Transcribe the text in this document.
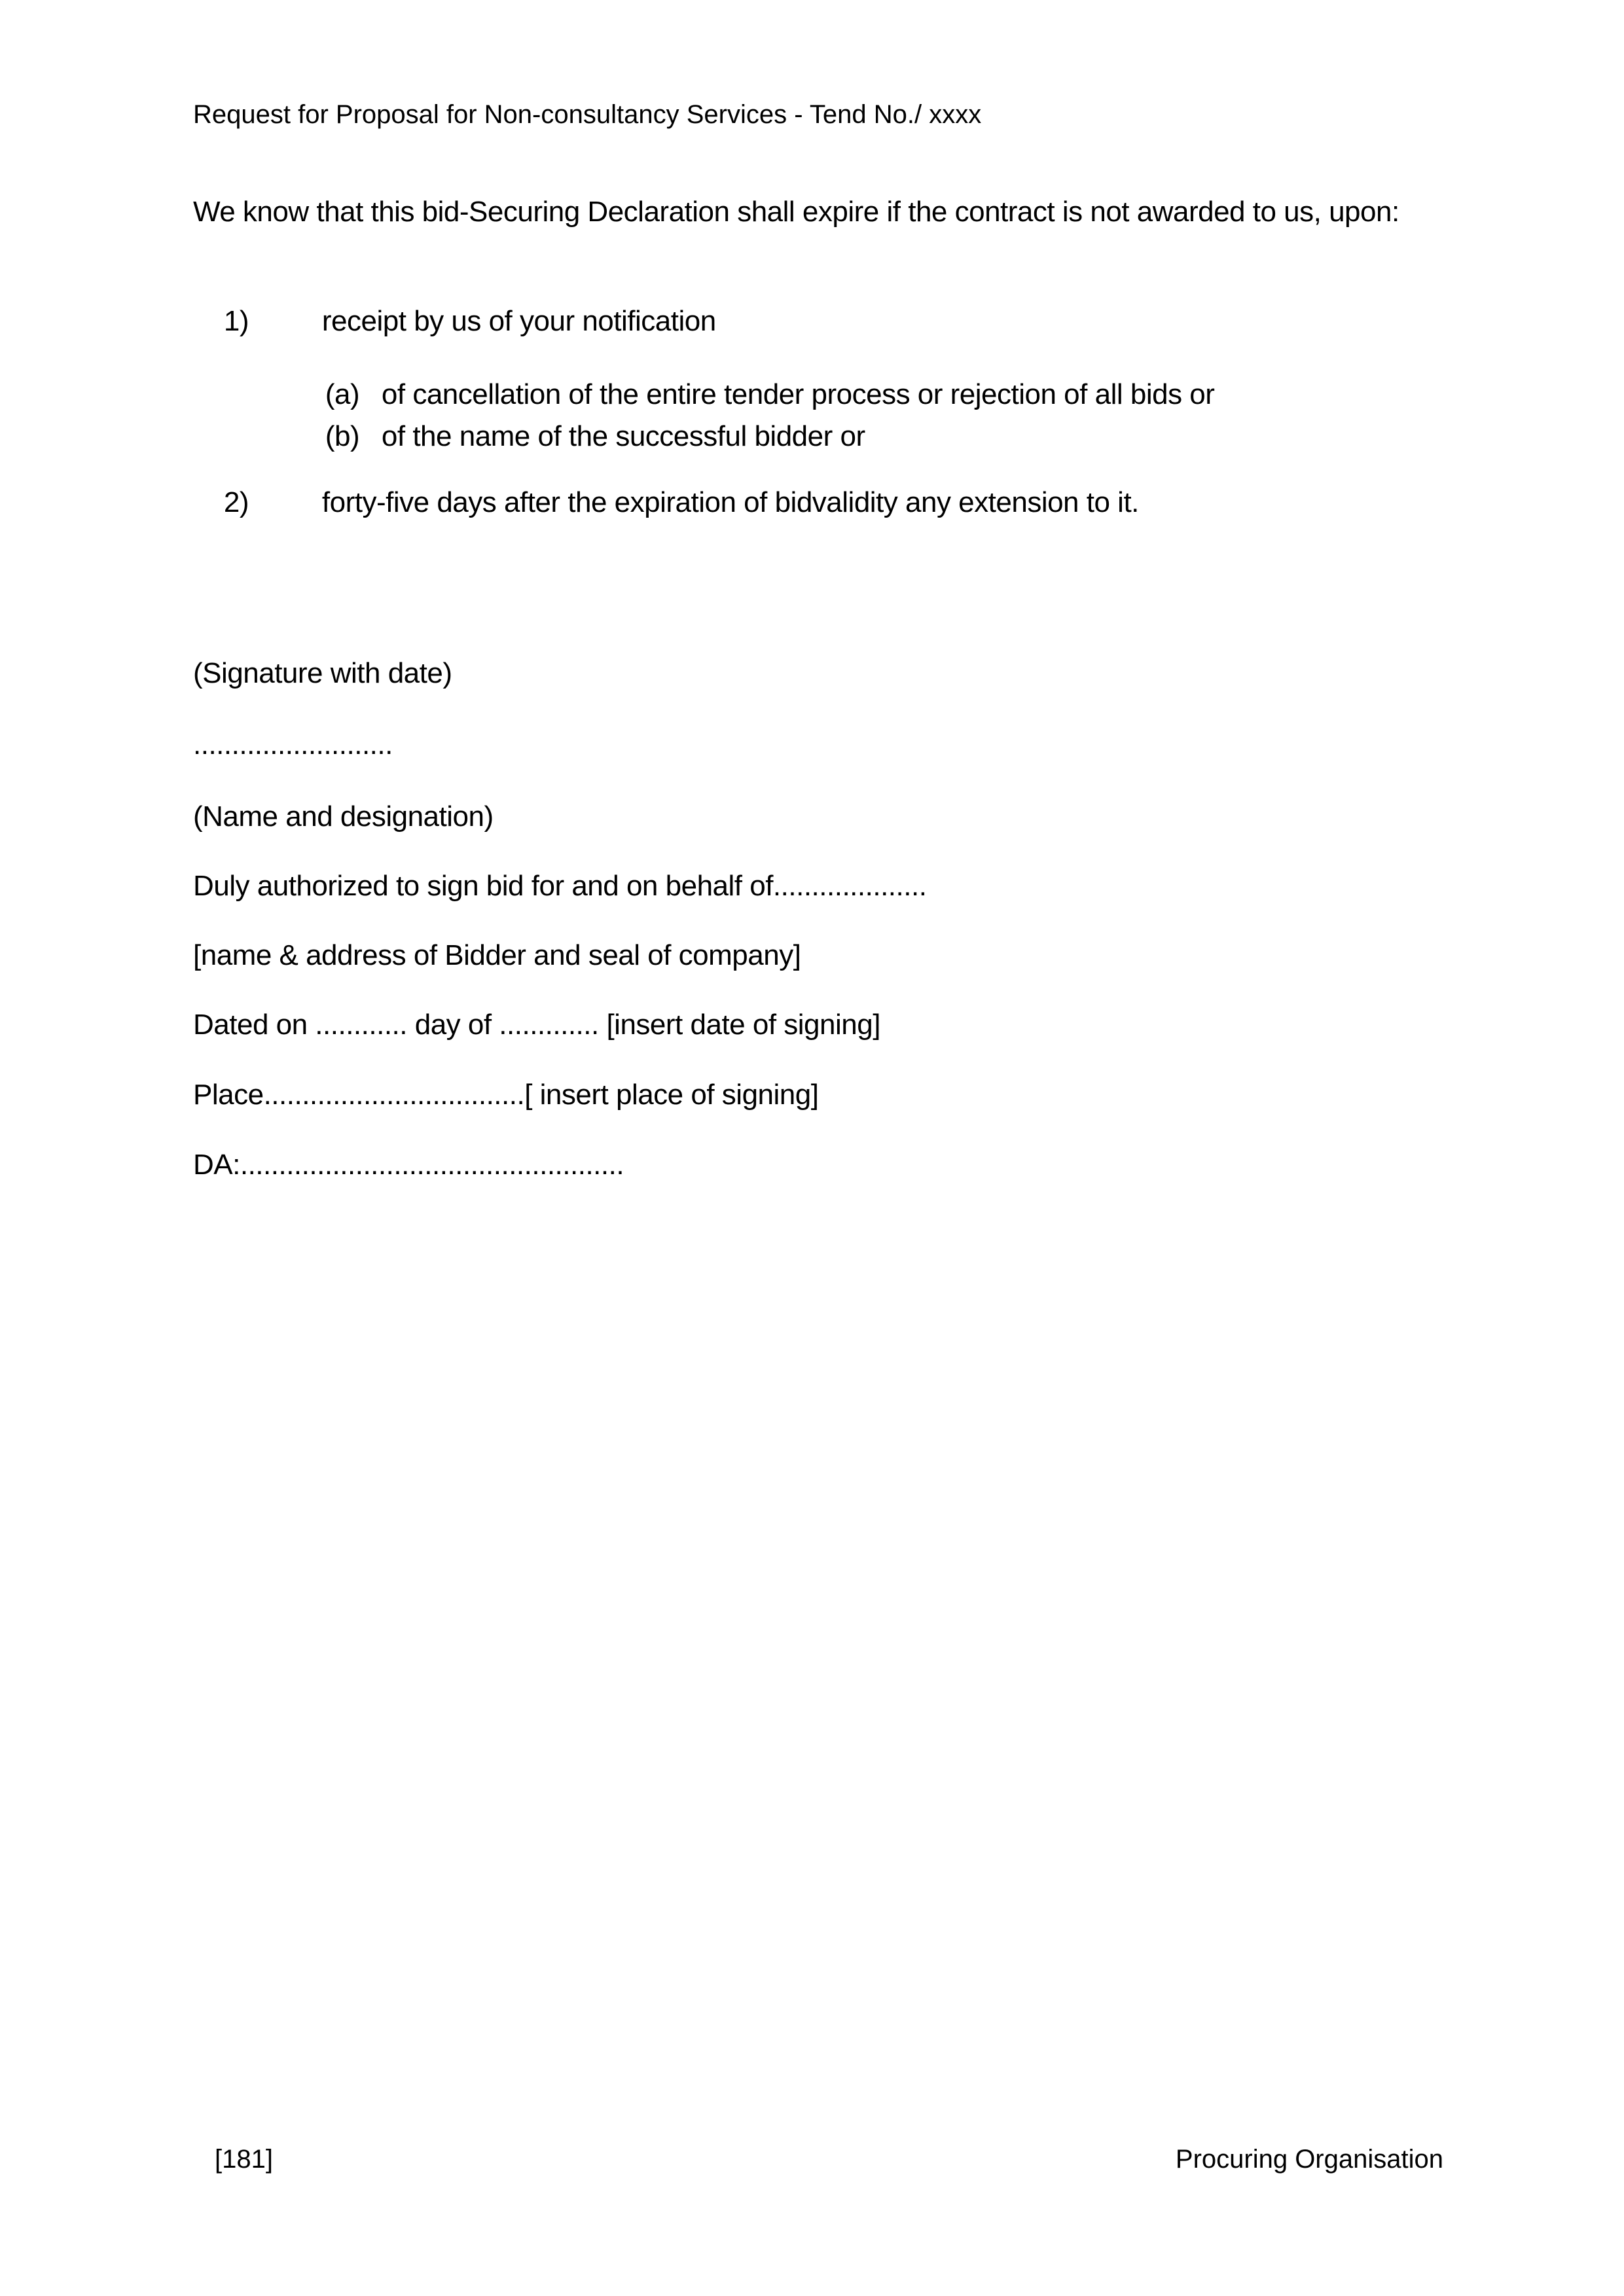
Request for Proposal for Non-consultancy Services - Tend No./ xxxx
We know that this bid-Securing Declaration shall expire if the contract is not awarded to us, upon:

1)	receipt by us of your notification

(a) of cancellation of the entire tender process or rejection of all bids or

(b) of the name of the successful bidder or

2)	forty-five days after the expiration of bidvalidity any extension to it.

(Signature with date)
..........................
(Name and designation)
Duly authorized to sign bid for and on behalf of....................
[name & address of Bidder and seal of company]
Dated on ............ day of ............. [insert date of signing]
Place..................................[ insert place of signing]
DA:..................................................
[181]	Procuring Organisation
